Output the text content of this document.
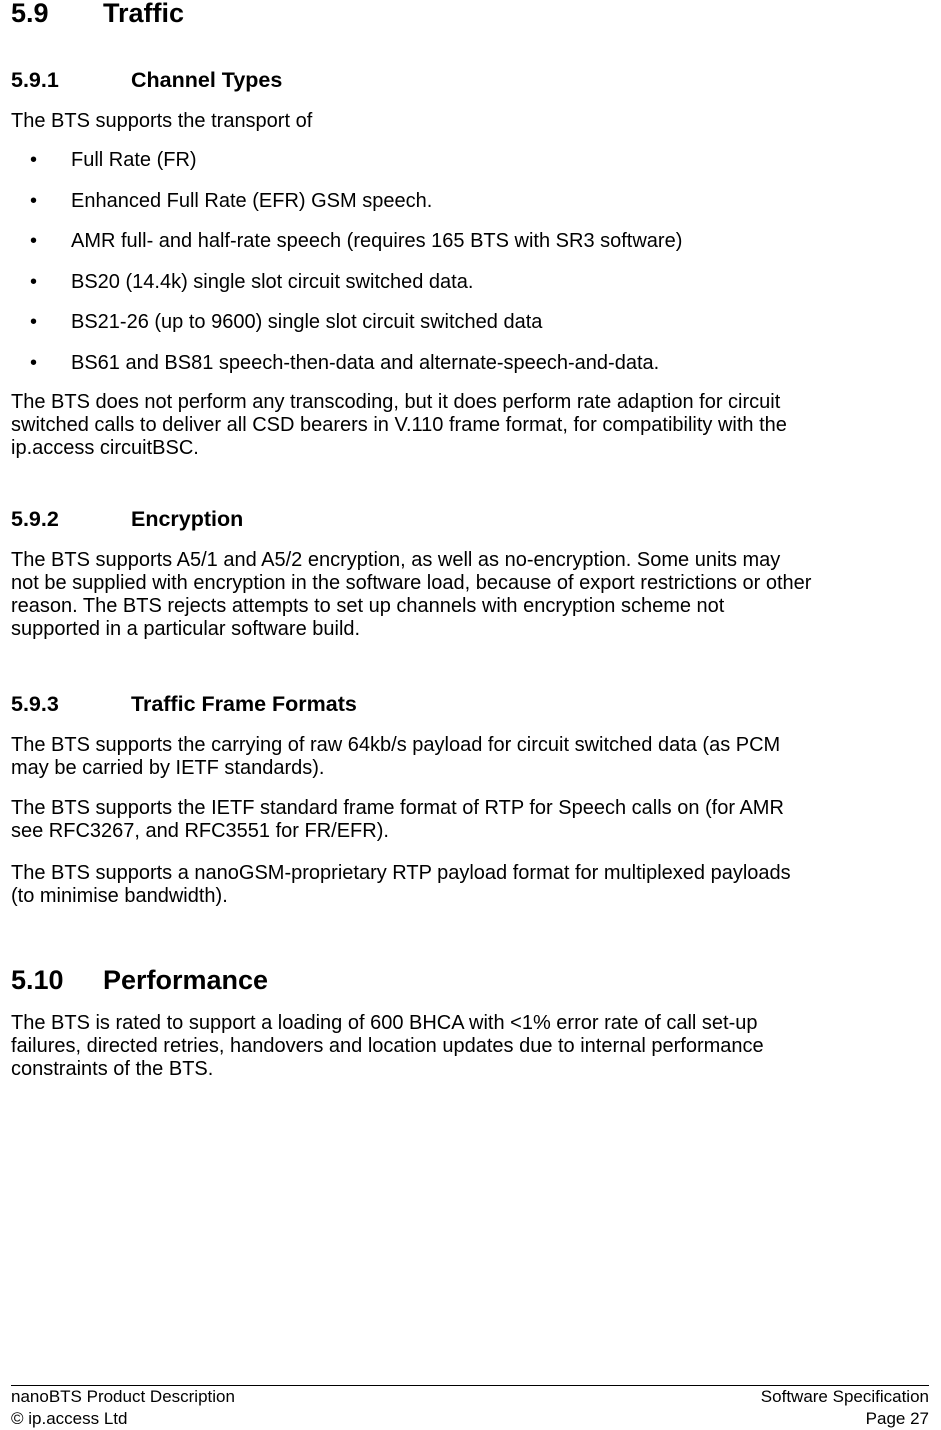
5.9 Traffic
5.9.1	Channel Types

The BTS supports the transport of

• Full Rate (FR)
• Enhanced Full Rate (EFR) GSM speech.
• AMR full- and half-rate speech (requires 165 BTS with SR3 software)
• BS20 (14.4k) single slot circuit switched data.
• BS21-26 (up to 9600) single slot circuit switched data
• BS61 and BS81 speech-then-data and alternate-speech-and-data.

The BTS does not perform any transcoding, but it does perform rate adaption for circuit
switched calls to deliver all CSD bearers in V.110 frame format, for compatibility with the
ip.access circuitBSC.

5.9.2	Encryption

The BTS supports A5/1 and A5/2 encryption, as well as no-encryption. Some units may
not be supplied with encryption in the software load, because of export restrictions or other
reason. The BTS rejects attempts to set up channels with encryption scheme not
supported in a particular software build.

5.9.3	Traffic Frame Formats

The BTS supports the carrying of raw 64kb/s payload for circuit switched data (as PCM
may be carried by IETF standards).

The BTS supports the IETF standard frame format of RTP for Speech calls on (for AMR
see RFC3267, and RFC3551 for FR/EFR).

The BTS supports a nanoGSM-proprietary RTP payload format for multiplexed payloads
(to minimise bandwidth).

5.10 Performance

The BTS is rated to support a loading of 600 BHCA with <1% error rate of call set-up
failures, directed retries, handovers and location updates due to internal performance
constraints of the BTS.

nanoBTS Product Description	Software Specification
© ip.access Ltd	Page 27
